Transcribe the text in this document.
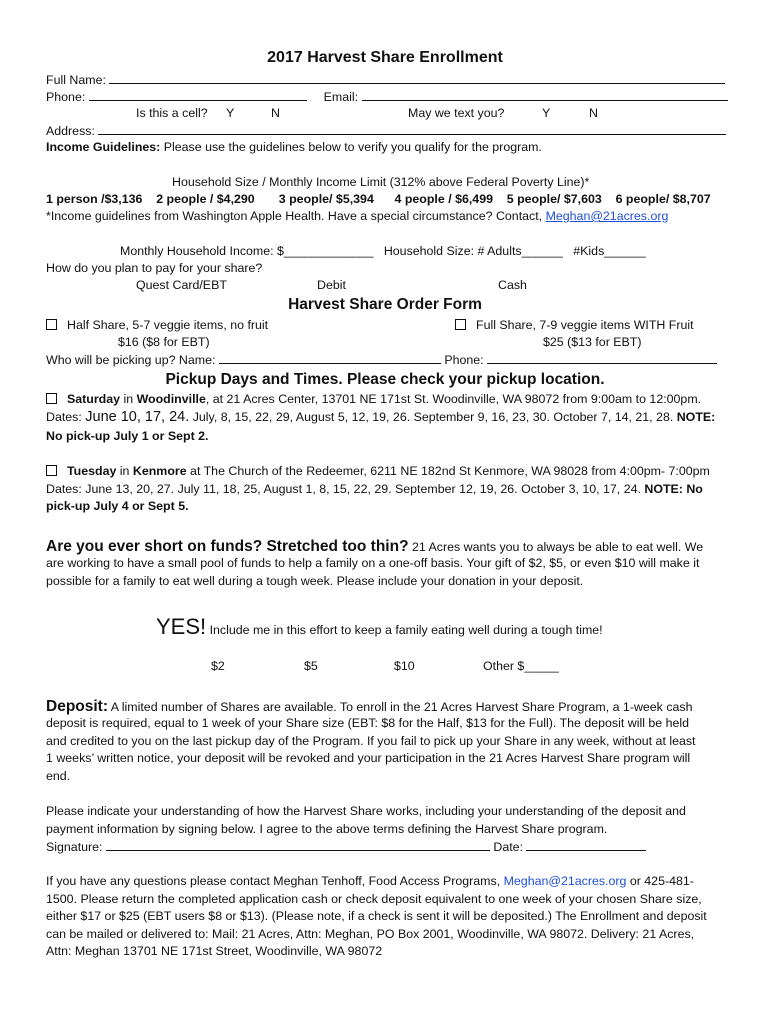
2017 Harvest Share Enrollment
Full Name:
Phone:	Email:
Is this a cell? Y	N	May we text you?	Y	N
Address:
Income Guidelines: Please use the guidelines below to verify you qualify for the program.
Household Size / Monthly Income Limit (312% above Federal Poverty Line)*
1 person /$3,136    2 people / $4,290       3 people/ $5,394      4 people / $6,499    5 people/ $7,603    6 people/ $8,707
*Income guidelines from Washington Apple Health. Have a special circumstance? Contact, Meghan@21acres.org
Monthly Household Income: $_____________   Household Size: # Adults______   #Kids______
How do you plan to pay for your share?
Quest Card/EBT	Debit	Cash
Harvest Share Order Form
Half Share, 5-7 veggie items, no fruit
$16 ($8 for EBT)
Full Share, 7-9 veggie items WITH Fruit
$25 ($13 for EBT)
Who will be picking up? Name:	Phone:
Pickup Days and Times. Please check your pickup location.
Saturday in Woodinville, at 21 Acres Center, 13701 NE 171st St. Woodinville, WA 98072 from 9:00am to 12:00pm.
Dates: June 10, 17, 24. July, 8, 15, 22, 29, August 5, 12, 19, 26. September 9, 16, 23, 30. October 7, 14, 21, 28. NOTE:
No pick-up July 1 or Sept 2.
Tuesday in Kenmore at The Church of the Redeemer, 6211 NE 182nd St Kenmore, WA 98028 from 4:00pm- 7:00pm
Dates: June 13, 20, 27. July 11, 18, 25, August 1, 8, 15, 22, 29. September 12, 19, 26. October 3, 10, 17, 24. NOTE: No
pick-up July 4 or Sept 5.
Are you ever short on funds? Stretched too thin? 21 Acres wants you to always be able to eat well. We
are working to have a small pool of funds to help a family on a one-off basis. Your gift of $2, $5, or even $10 will make it
possible for a family to eat well during a tough week. Please include your donation in your deposit.
YES! Include me in this effort to keep a family eating well during a tough time!
$2	$5	$10	Other $_____
Deposit: A limited number of Shares are available. To enroll in the 21 Acres Harvest Share Program, a 1-week cash
deposit is required, equal to 1 week of your Share size (EBT: $8 for the Half, $13 for the Full). The deposit will be held
and credited to you on the last pickup day of the Program. If you fail to pick up your Share in any week, without at least
1 weeks’ written notice, your deposit will be revoked and your participation in the 21 Acres Harvest Share program will
end.
Please indicate your understanding of how the Harvest Share works, including your understanding of the deposit and
payment information by signing below. I agree to the above terms defining the Harvest Share program.
Signature:	Date:
If you have any questions please contact Meghan Tenhoff, Food Access Programs, Meghan@21acres.org or 425-481-
1500. Please return the completed application cash or check deposit equivalent to one week of your chosen Share size,
either $17 or $25 (EBT users $8 or $13). (Please note, if a check is sent it will be deposited.) The Enrollment and deposit
can be mailed or delivered to: Mail: 21 Acres, Attn: Meghan, PO Box 2001, Woodinville, WA 98072. Delivery: 21 Acres,
Attn: Meghan 13701 NE 171st Street, Woodinville, WA 98072
